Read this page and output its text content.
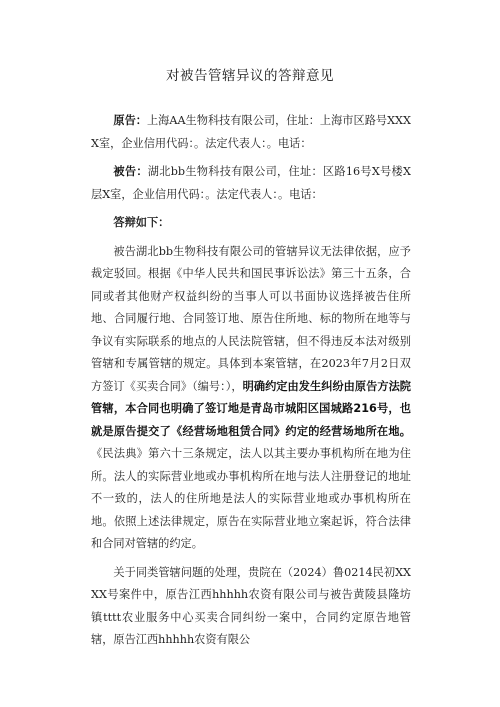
对被告管辖异议的答辩意见

原告：上海AA生物科技有限公司，住址：上海市区路号XXXX室，企业信用代码：。法定代表人：。电话：

被告：湖北bb生物科技有限公司，住址：区路16号X号楼X层X室，企业信用代码：。法定代表人：。电话：

答辩如下：

被告湖北bb生物科技有限公司的管辖异议无法律依据，应予裁定驳回。根据《中华人民共和国民事诉讼法》第三十五条，合同或者其他财产权益纠纷的当事人可以书面协议选择被告住所地、合同履行地、合同签订地、原告住所地、标的物所在地等与争议有实际联系的地点的人民法院管辖，但不得违反本法对级别管辖和专属管辖的规定。具体到本案管辖，在2023年7月2日双方签订《买卖合同》（编号：），明确约定由发生纠纷由原告方法院管辖，本合同也明确了签订地是青岛市城阳区国城路216号，也就是原告提交了《经营场地租赁合同》约定的经营场地所在地。《民法典》第六十三条规定，法人以其主要办事机构所在地为住所。法人的实际营业地或办事机构所在地与法人注册登记的地址不一致的，法人的住所地是法人的实际营业地或办事机构所在地。依照上述法律规定，原告在实际营业地立案起诉，符合法律和合同对管辖的约定。

关于同类管辖问题的处理，贵院在（2024）鲁0214民初XXXX号案件中，原告江西hhhhh农资有限公司与被告黄陵县隆坊镇tttt农业服务中心买卖合同纠纷一案中，合同约定原告地管辖，原告江西hhhhh农资有限公
